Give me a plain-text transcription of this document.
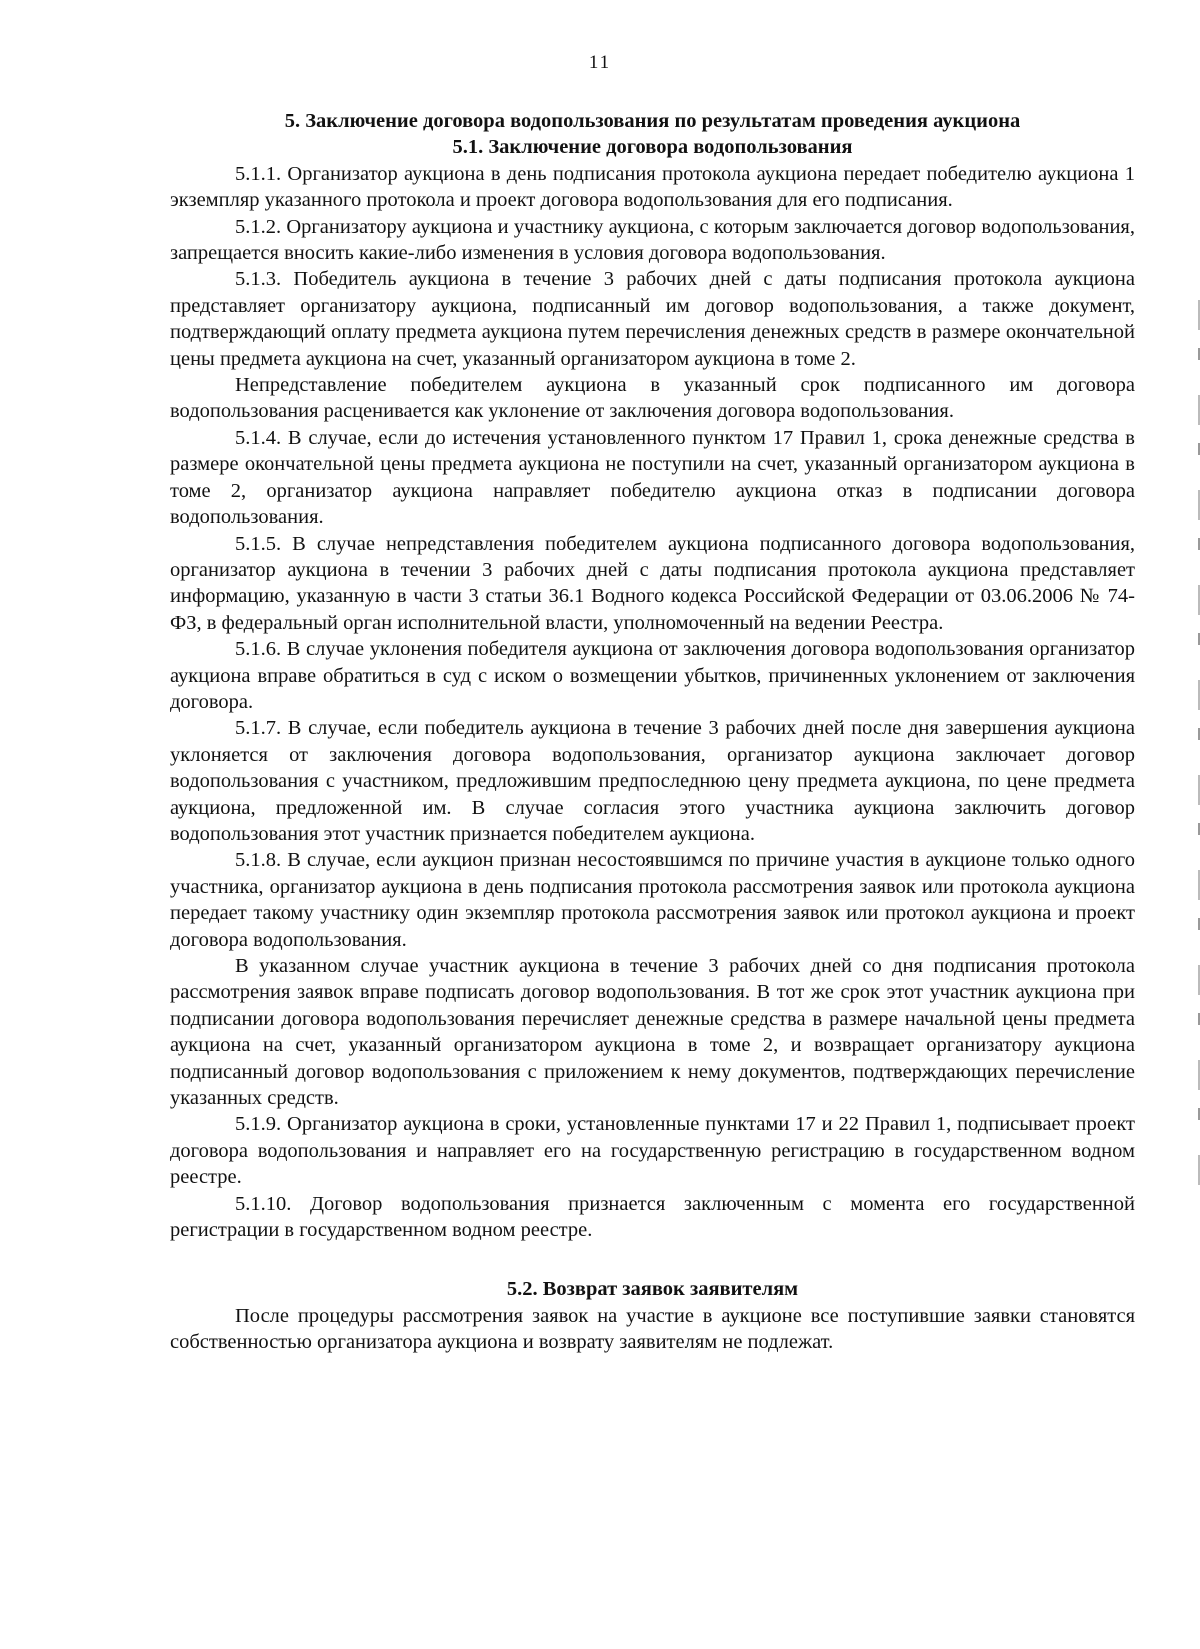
11

5. Заключение договора водопользования по результатам проведения аукциона

5.1. Заключение договора водопользования

5.1.1. Организатор аукциона в день подписания протокола аукциона передает победителю аукциона 1 экземпляр указанного протокола и проект договора водопользования для его подписания.

5.1.2. Организатору аукциона и участнику аукциона, с которым заключается договор водопользования, запрещается вносить какие-либо изменения в условия договора водопользования.

5.1.3. Победитель аукциона в течение 3 рабочих дней с даты подписания протокола аукциона представляет организатору аукциона, подписанный им договор водопользования, а также документ, подтверждающий оплату предмета аукциона путем перечисления денежных средств в размере окончательной цены предмета аукциона на счет, указанный организатором аукциона в томе 2.

Непредставление победителем аукциона в указанный срок подписанного им договора водопользования расценивается как уклонение от заключения договора водопользования.

5.1.4. В случае, если до истечения установленного пунктом 17 Правил 1, срока денежные средства в размере окончательной цены предмета аукциона не поступили на счет, указанный организатором аукциона в томе 2, организатор аукциона направляет победителю аукциона отказ в подписании договора водопользования.

5.1.5. В случае непредставления победителем аукциона подписанного договора водопользования, организатор аукциона в течении 3 рабочих дней с даты подписания протокола аукциона представляет информацию, указанную в части 3 статьи 36.1 Водного кодекса Российской Федерации от 03.06.2006 № 74-ФЗ, в федеральный орган исполнительной власти, уполномоченный на ведении Реестра.

5.1.6. В случае уклонения победителя аукциона от заключения договора водопользования организатор аукциона вправе обратиться в суд с иском о возмещении убытков, причиненных уклонением от заключения договора.

5.1.7. В случае, если победитель аукциона в течение 3 рабочих дней после дня завершения аукциона уклоняется от заключения договора водопользования, организатор аукциона заключает договор водопользования с участником, предложившим предпоследнюю цену предмета аукциона, по цене предмета аукциона, предложенной им. В случае согласия этого участника аукциона заключить договор водопользования этот участник признается победителем аукциона.

5.1.8. В случае, если аукцион признан несостоявшимся по причине участия в аукционе только одного участника, организатор аукциона в день подписания протокола рассмотрения заявок или протокола аукциона передает такому участнику один экземпляр протокола рассмотрения заявок или протокол аукциона и проект договора водопользования.

В указанном случае участник аукциона в течение 3 рабочих дней со дня подписания протокола рассмотрения заявок вправе подписать договор водопользования. В тот же срок этот участник аукциона при подписании договора водопользования перечисляет денежные средства в размере начальной цены предмета аукциона на счет, указанный организатором аукциона в томе 2, и возвращает организатору аукциона подписанный договор водопользования с приложением к нему документов, подтверждающих перечисление указанных средств.

5.1.9. Организатор аукциона в сроки, установленные пунктами 17 и 22 Правил 1, подписывает проект договора водопользования и направляет его на государственную регистрацию в государственном водном реестре.

5.1.10. Договор водопользования признается заключенным с момента его государственной регистрации в государственном водном реестре.

5.2. Возврат заявок заявителям

После процедуры рассмотрения заявок на участие в аукционе все поступившие заявки становятся собственностью организатора аукциона и возврату заявителям не подлежат.
